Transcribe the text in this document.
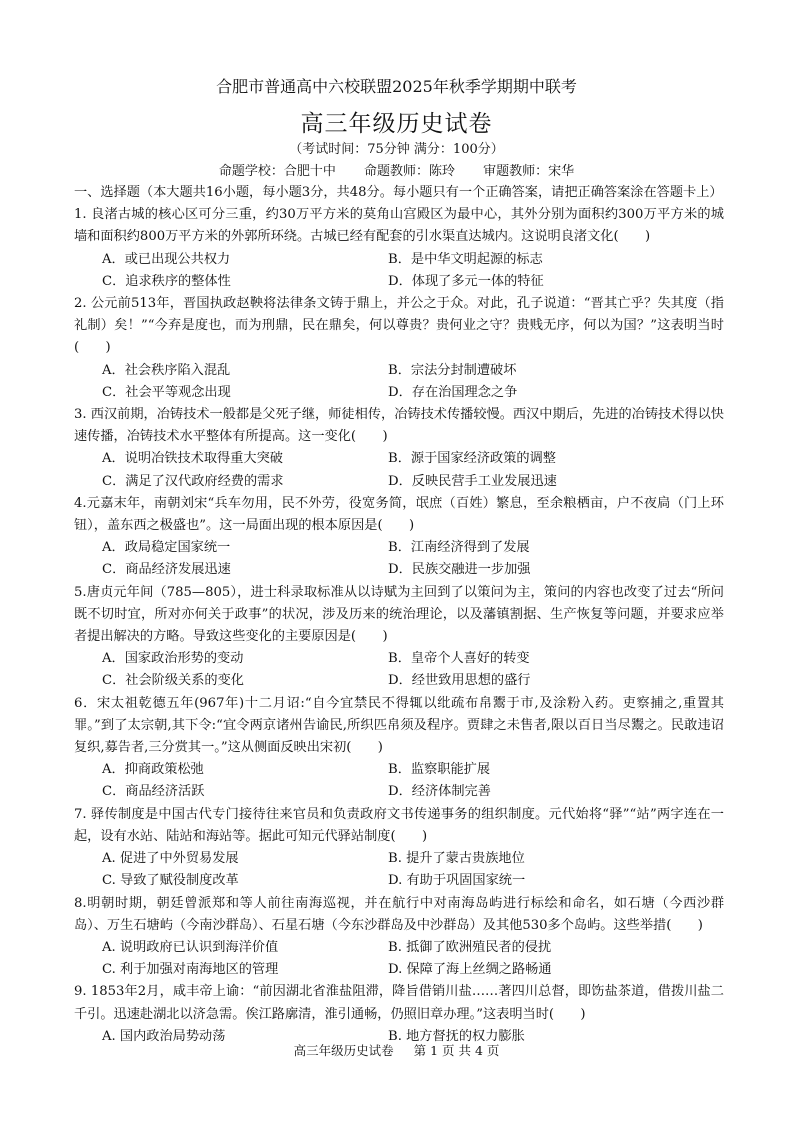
合肥市普通高中六校联盟2025年秋季学期期中联考
高三年级历史试卷
（考试时间：75分钟 满分：100分）
命题学校：合肥十中 命题教师：陈玲 审题教师：宋华

一、选择题（本大题共16小题，每小题3分，共48分。每小题只有一个正确答案，请把正确答案涂在答题卡上）

1. 良渚古城的核心区可分三重，约30万平方米的莫角山宫殿区为最中心，其外分别为面积约300万平方米的城墙和面积约800万平方米的外郭所环绕。古城已经有配套的引水渠直达城内。这说明良渚文化(　　)

A．或已出现公共权力	B．是中华文明起源的标志
C．追求秩序的整体性	D．体现了多元一体的特征

2. 公元前513年，晋国执政赵鞅将法律条文铸于鼎上，并公之于众。对此，孔子说道：“晋其亡乎？失其度（指礼制）矣！”“今弃是度也，而为刑鼎，民在鼎矣，何以尊贵？贵何业之守？贵贱无序，何以为国？”这表明当时(　　)

A．社会秩序陷入混乱	B．宗法分封制遭破坏
C．社会平等观念出现	D．存在治国理念之争

3. 西汉前期，冶铸技术一般都是父死子继，师徒相传，冶铸技术传播较慢。西汉中期后，先进的冶铸技术得以快速传播，冶铸技术水平整体有所提高。这一变化(　　)

A．说明冶铁技术取得重大突破	B．源于国家经济政策的调整
C．满足了汉代政府经费的需求	D．反映民营手工业发展迅速

4.元嘉末年，南朝刘宋“兵车勿用，民不外劳，役宽务简，氓庶（百姓）繁息，至余粮栖亩，户不夜扃（门上环钮），盖东西之极盛也”。这一局面出现的根本原因是(　　)

A．政局稳定国家统一	B．江南经济得到了发展
C．商品经济发展迅速	D．民族交融进一步加强

5.唐贞元年间（785—805），进士科录取标准从以诗赋为主回到了以策问为主，策问的内容也改变了过去“所问既不切时宜，所对亦何关于政事”的状况，涉及历来的统治理论，以及藩镇割据、生产恢复等问题，并要求应举者提出解决的方略。导致这些变化的主要原因是(　　)

A．国家政治形势的变动	B．皇帝个人喜好的转变
C．社会阶级关系的变化	D．经世致用思想的盛行

6．宋太祖乾德五年(967年)十二月诏:“自今宜禁民不得辄以纰疏布帛鬻于市,及涂粉入药。吏察捕之,重置其罪。”到了太宗朝,其下令:“宜令两京诸州告谕民,所织匹帛须及程序。贾肆之未售者,限以百日当尽鬻之。民敢违诏复织,募告者,三分赏其一。”这从侧面反映出宋初(　　)

A．抑商政策松弛	B．监察职能扩展
C．商品经济活跃	D．经济体制完善

7. 驿传制度是中国古代专门接待往来官员和负责政府文书传递事务的组织制度。元代始将“驿”“站”两字连在一起，设有水站、陆站和海站等。据此可知元代驿站制度(　　)

A. 促进了中外贸易发展	B. 提升了蒙古贵族地位
C. 导致了赋役制度改革	D. 有助于巩固国家统一

8.明朝时期，朝廷曾派郑和等人前往南海巡视，并在航行中对南海岛屿进行标绘和命名，如石塘（今西沙群岛）、万生石塘屿（今南沙群岛）、石星石塘（今东沙群岛及中沙群岛）及其他530多个岛屿。这些举措(　　)

A. 说明政府已认识到海洋价值	B. 抵御了欧洲殖民者的侵扰
C. 利于加强对南海地区的管理	D. 保障了海上丝绸之路畅通

9. 1853年2月，咸丰帝上谕：“前因湖北省淮盐阻滞，降旨借销川盐……著四川总督，即饬盐茶道，借拨川盐二千引。迅速赴湖北以济急需。俟江路廓清，淮引通畅，仍照旧章办理。”这表明当时(　　)

A. 国内政治局势动荡	B. 地方督抚的权力膨胀
高三年级历史试卷 第 1 页 共 4 页
